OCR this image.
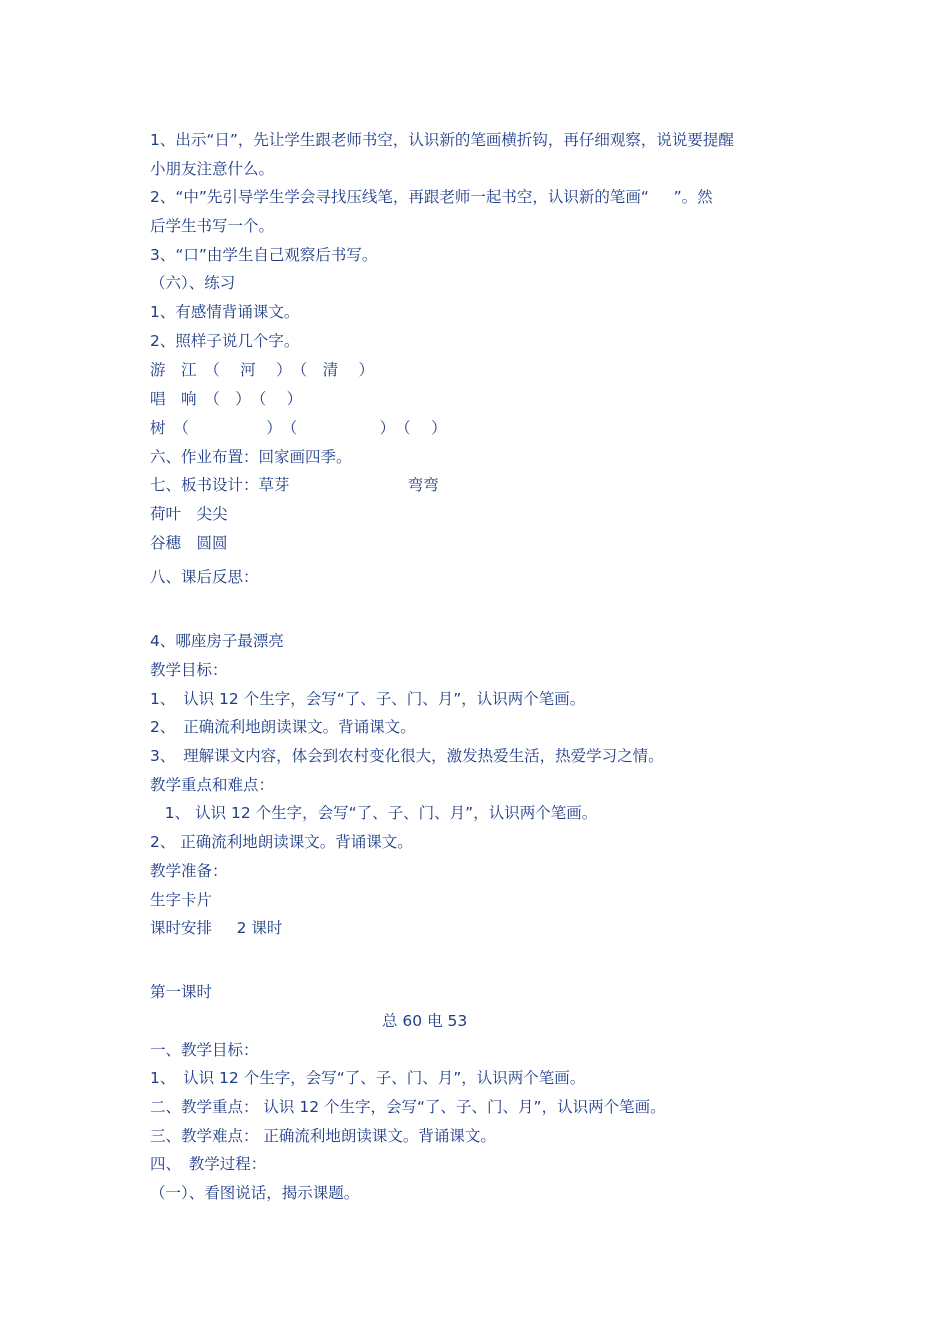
1、出示“日”，先让学生跟老师书空，认识新的笔画横折钩，再仔细观察，说说要提醒
小朋友注意什么。
2、“中”先引导学生学会寻找压线笔，再跟老师一起书空，认识新的笔画“     ”。然
后学生书写一个。
3、“口”由学生自己观察后书写。
（六）、练习
1、有感情背诵课文。
2、照样子说几个字。
游　江　（　 河　 ）　（　清　 ）
唱　响　（　）　（　 ）
树　（　　　　　）　（　　　　　 ）　（　 ）
六、作业布置：回家画四季。
七、板书设计：草芽                        弯弯
荷叶　尖尖
谷穗　圆圆
八、课后反思：
4、哪座房子最漂亮
教学目标：
1、　认识 12 个生字，会写“了、子、门、月”，认识两个笔画。
2、　正确流利地朗读课文。背诵课文。
3、　理解课文内容，体会到农村变化很大，激发热爱生活，热爱学习之情。
教学重点和难点：
1、 认识 12 个生字，会写“了、子、门、月”，认识两个笔画。
2、 正确流利地朗读课文。背诵课文。
教学准备：
生字卡片
课时安排     2 课时
第一课时
总 60 电 53
一、教学目标：
1、　认识 12 个生字，会写“了、子、门、月”，认识两个笔画。
二、教学重点： 认识 12 个生字，会写“了、子、门、月”，认识两个笔画。
三、教学难点： 正确流利地朗读课文。背诵课文。
四、　教学过程：
（一）、看图说话，揭示课题。
